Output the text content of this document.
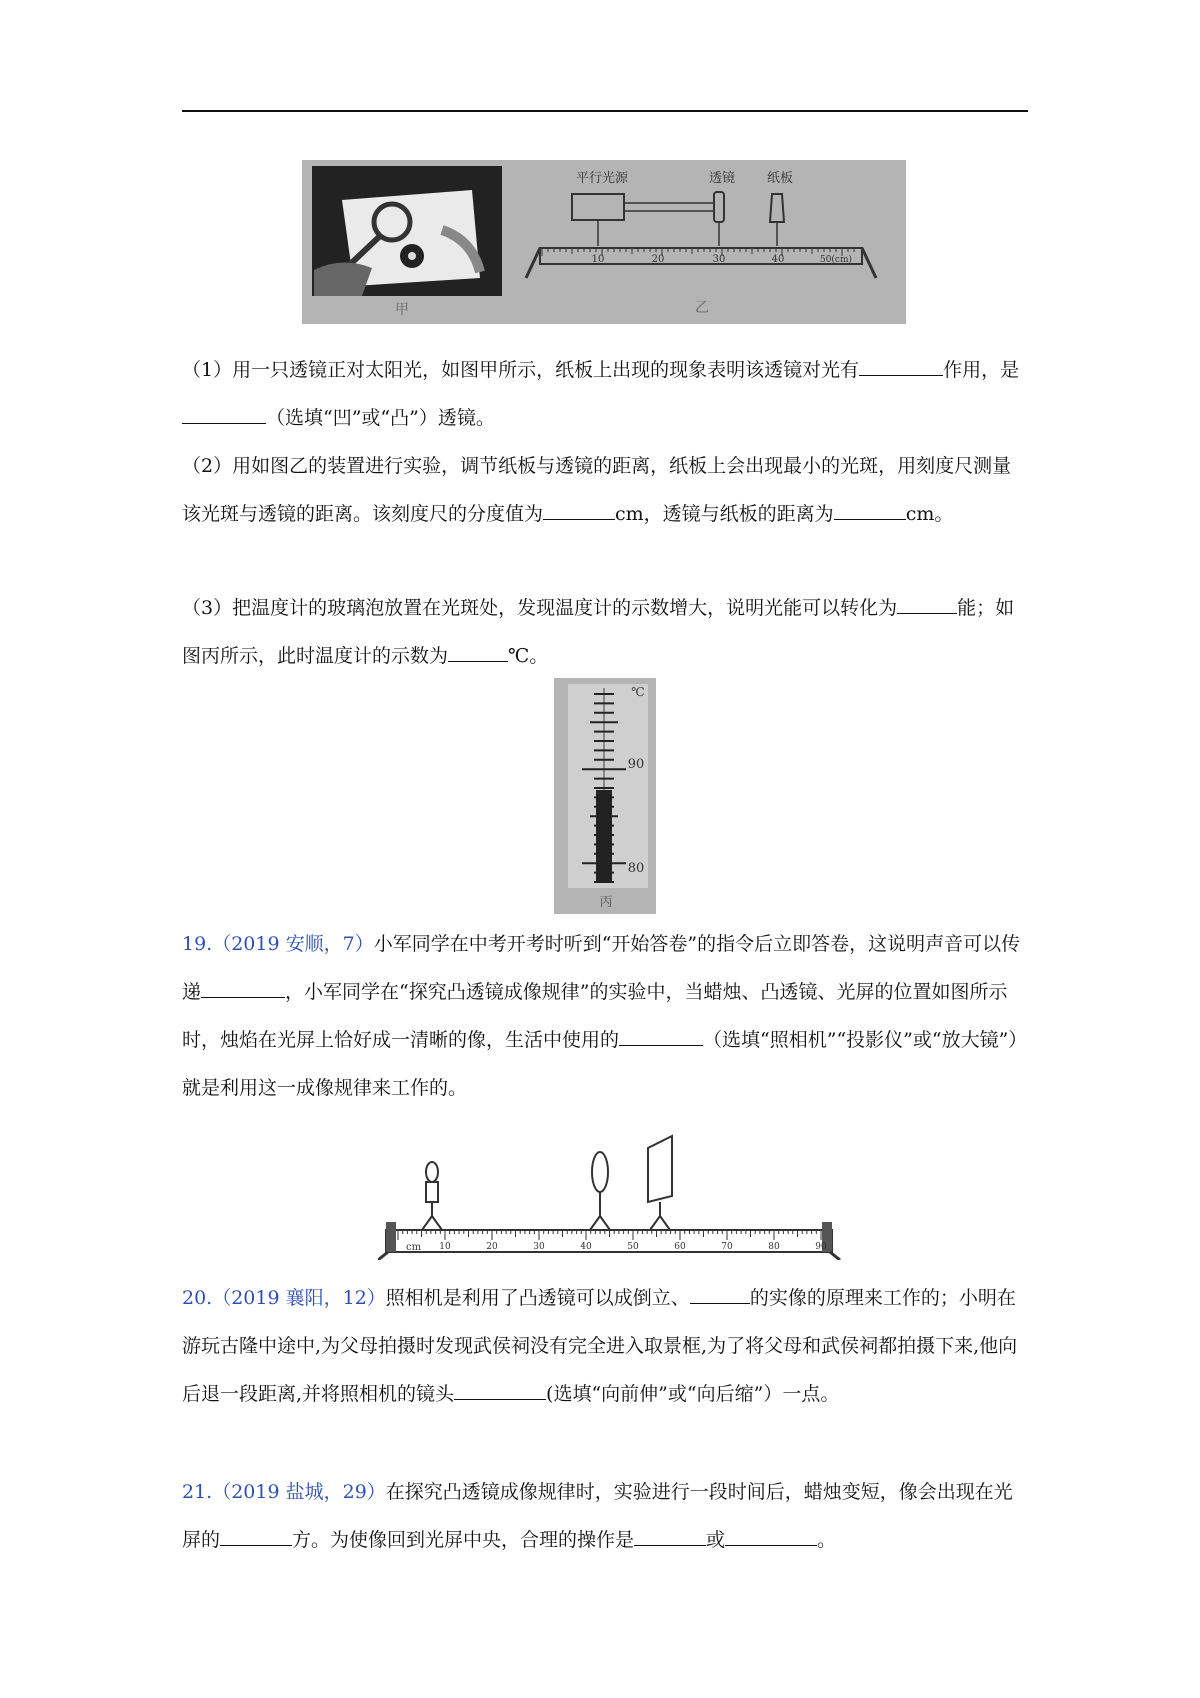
甲
平行光源	透镜 纸板
10	20	30	40	50(cm)
乙

（1）用一只透镜正对太阳光，如图甲所示，纸板上出现的现象表明该透镜对光有	作用，是（选填“凹”或“凸”）透镜。

（2）用如图乙的装置进行实验，调节纸板与透镜的距离，纸板上会出现最小的光斑，用刻度尺测量该光斑与透镜的距离。该刻度尺的分度值为	cm，透镜与纸板的距离为	cm。

（3）把温度计的玻璃泡放置在光斑处，发现温度计的示数增大，说明光能可以转化为	能；如图丙所示，此时温度计的示数为	℃。

℃
90
80
丙

19.（2019 安顺，7）小军同学在中考开考时听到“开始答卷”的指令后立即答卷，这说明声音可以传递	，小军同学在“探究凸透镜成像规律”的实验中，当蜡烛、凸透镜、光屏的位置如图所示时，烛焰在光屏上恰好成一清晰的像，生活中使用的	（选填“照相机”“投影仪”或“放大镜”）就是利用这一成像规律来工作的。

cm 10	20	30	40	50	60	70	80	90

20.（2019 襄阳，12）照相机是利用了凸透镜可以成倒立、	的实像的原理来工作的；小明在游玩古隆中途中,为父母拍摄时发现武侯祠没有完全进入取景框,为了将父母和武侯祠都拍摄下来,他向后退一段距离,并将照相机的镜头	(选填“向前伸”或“向后缩”）一点。

21.（2019 盐城，29）在探究凸透镜成像规律时，实验进行一段时间后，蜡烛变短，像会出现在光屏的	方。为使像回到光屏中央，合理的操作是	或	。
